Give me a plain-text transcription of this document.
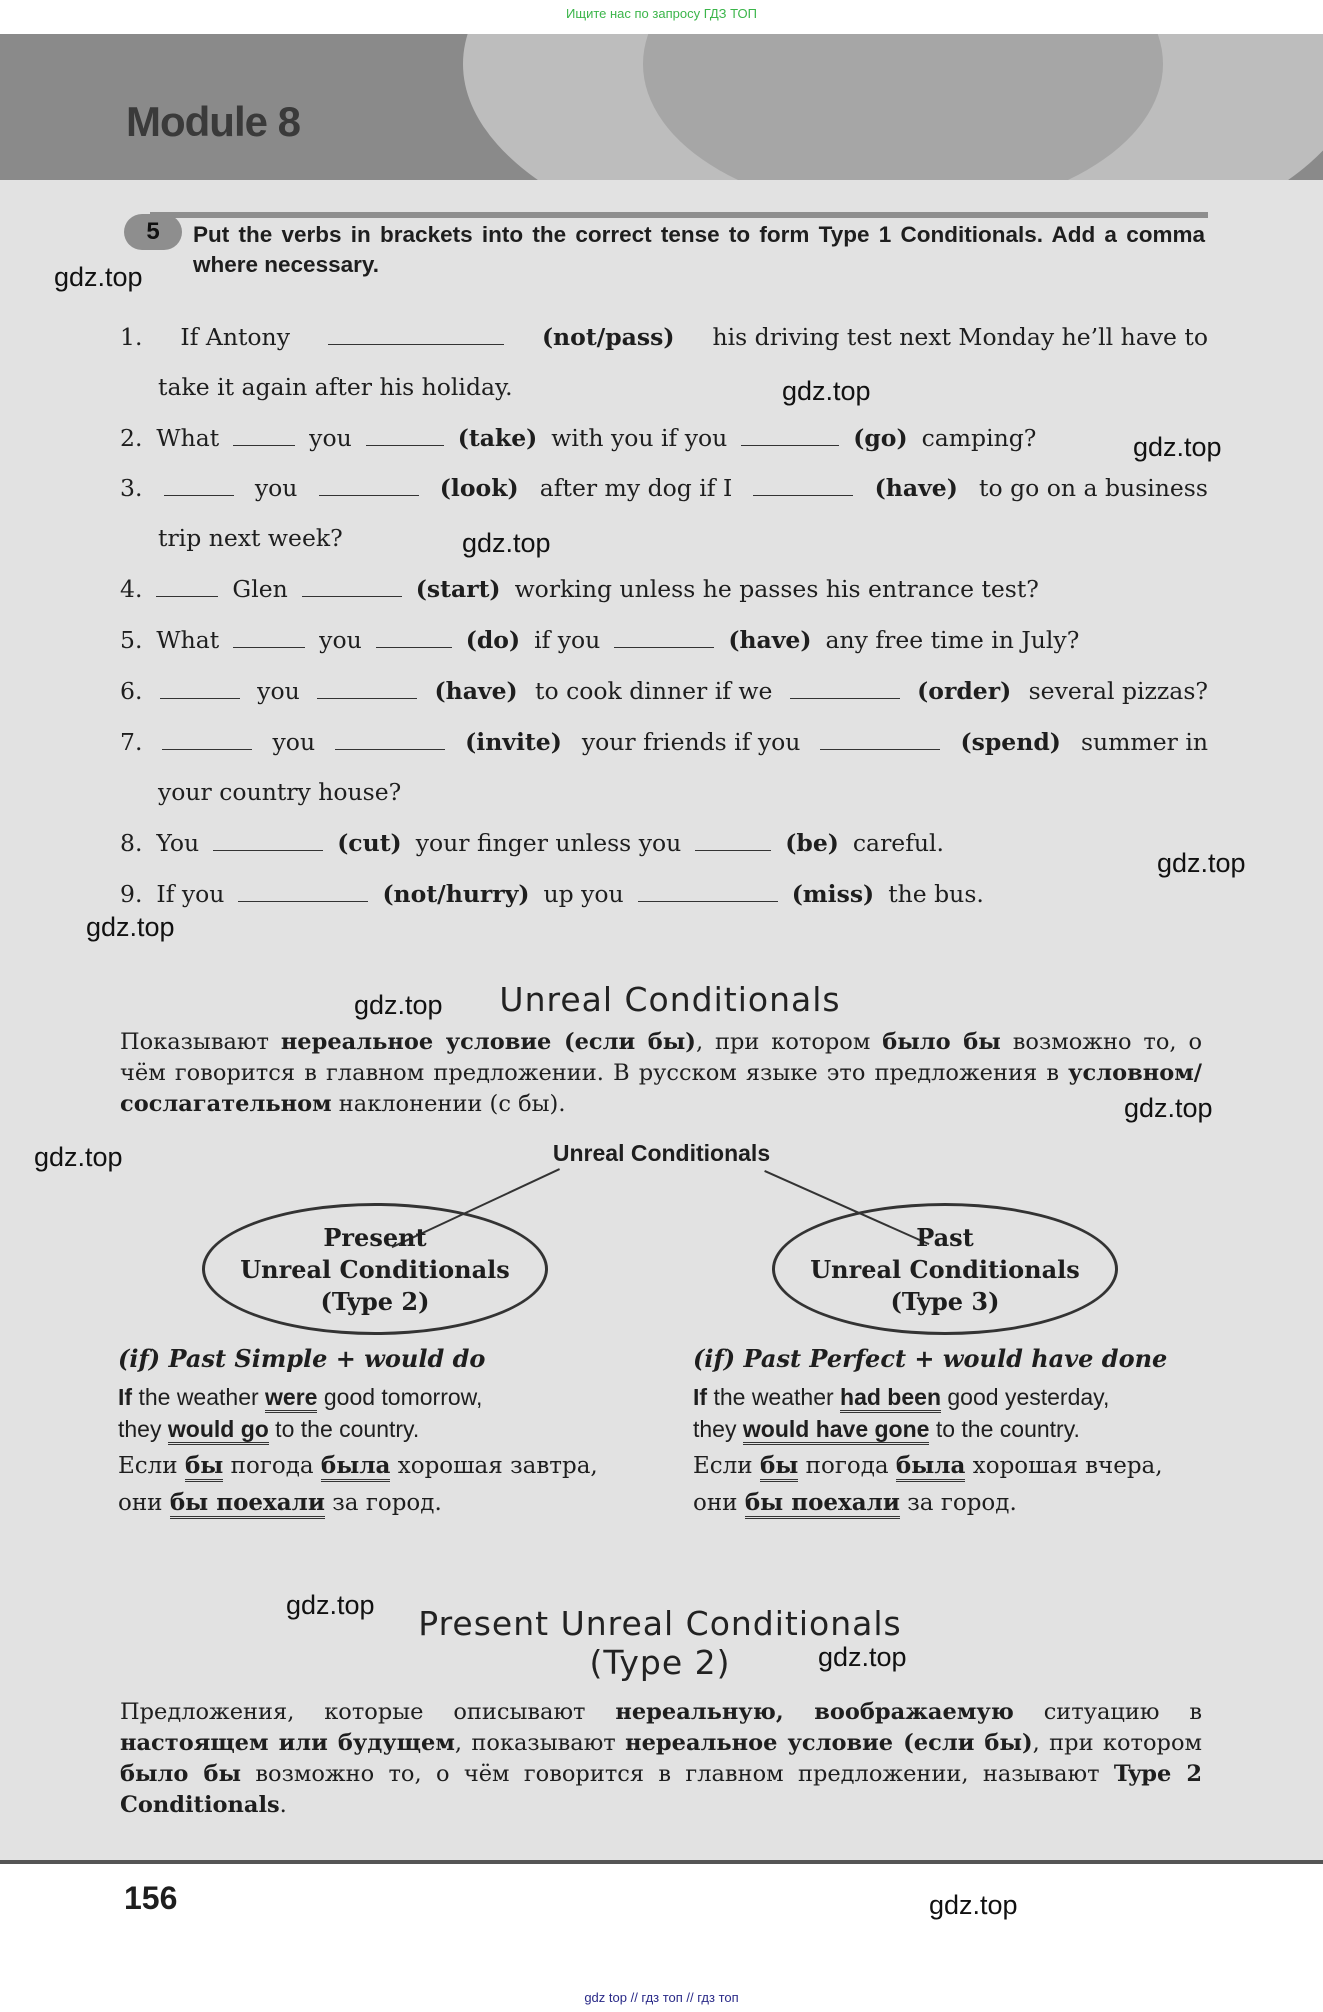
Ищите нас по запросу ГДЗ ТОП
Module 8
5	Put the verbs in brackets into the correct tense to form Type 1 Conditionals. Add a comma where necessary.
1. If Antony	(not/pass) his driving test next Monday he’ll have to
take it again after his holiday.
2. What	you	(take) with you if you	(go) camping?
3.	you	(look) after my dog if I	(have) to go on a business
trip next week?
4.	Glen	(start) working unless he passes his entrance test?
5. What	you	(do) if you	(have) any free time in July?
6.	you	(have) to cook dinner if we	(order) several pizzas?
7.	you	(invite) your friends if you	(spend) summer in
your country house?
8. You	(cut) your finger unless you	(be) careful.
9. If you	(not/hurry) up you	(miss) the bus.
Unreal Conditionals
Показывают нереальное условие (если бы), при котором было бы возможно то, о чём говорится в главном предложении. В русском языке это предложения в условном/сослагательном наклонении (с бы).
Unreal Conditionals
Present
Unreal Conditionals
(Type 2)
Past
Unreal Conditionals
(Type 3)
(if) Past Simple + would do
If the weather were good tomorrow,
they would go to the country.
Если бы погода была хорошая завтра,
они бы поехали за город.
(if) Past Perfect + would have done
If the weather had been good yesterday,
they would have gone to the country.
Если бы погода была хорошая вчера,
они бы поехали за город.
Present Unreal Conditionals
(Type 2)
Предложения, которые описывают нереальную, воображаемую ситуацию в настоящем или будущем, показывают нереальное условие (если бы), при котором было бы возможно то, о чём говорится в главном предложении, называют Type 2 Conditionals.
gdz.top
gdz.top
gdz.top
gdz.top
gdz.top
gdz.top
gdz.top
gdz.top
gdz.top
gdz.top
gdz.top
gdz.top
156
gdz top // гдз топ // гдз топ
